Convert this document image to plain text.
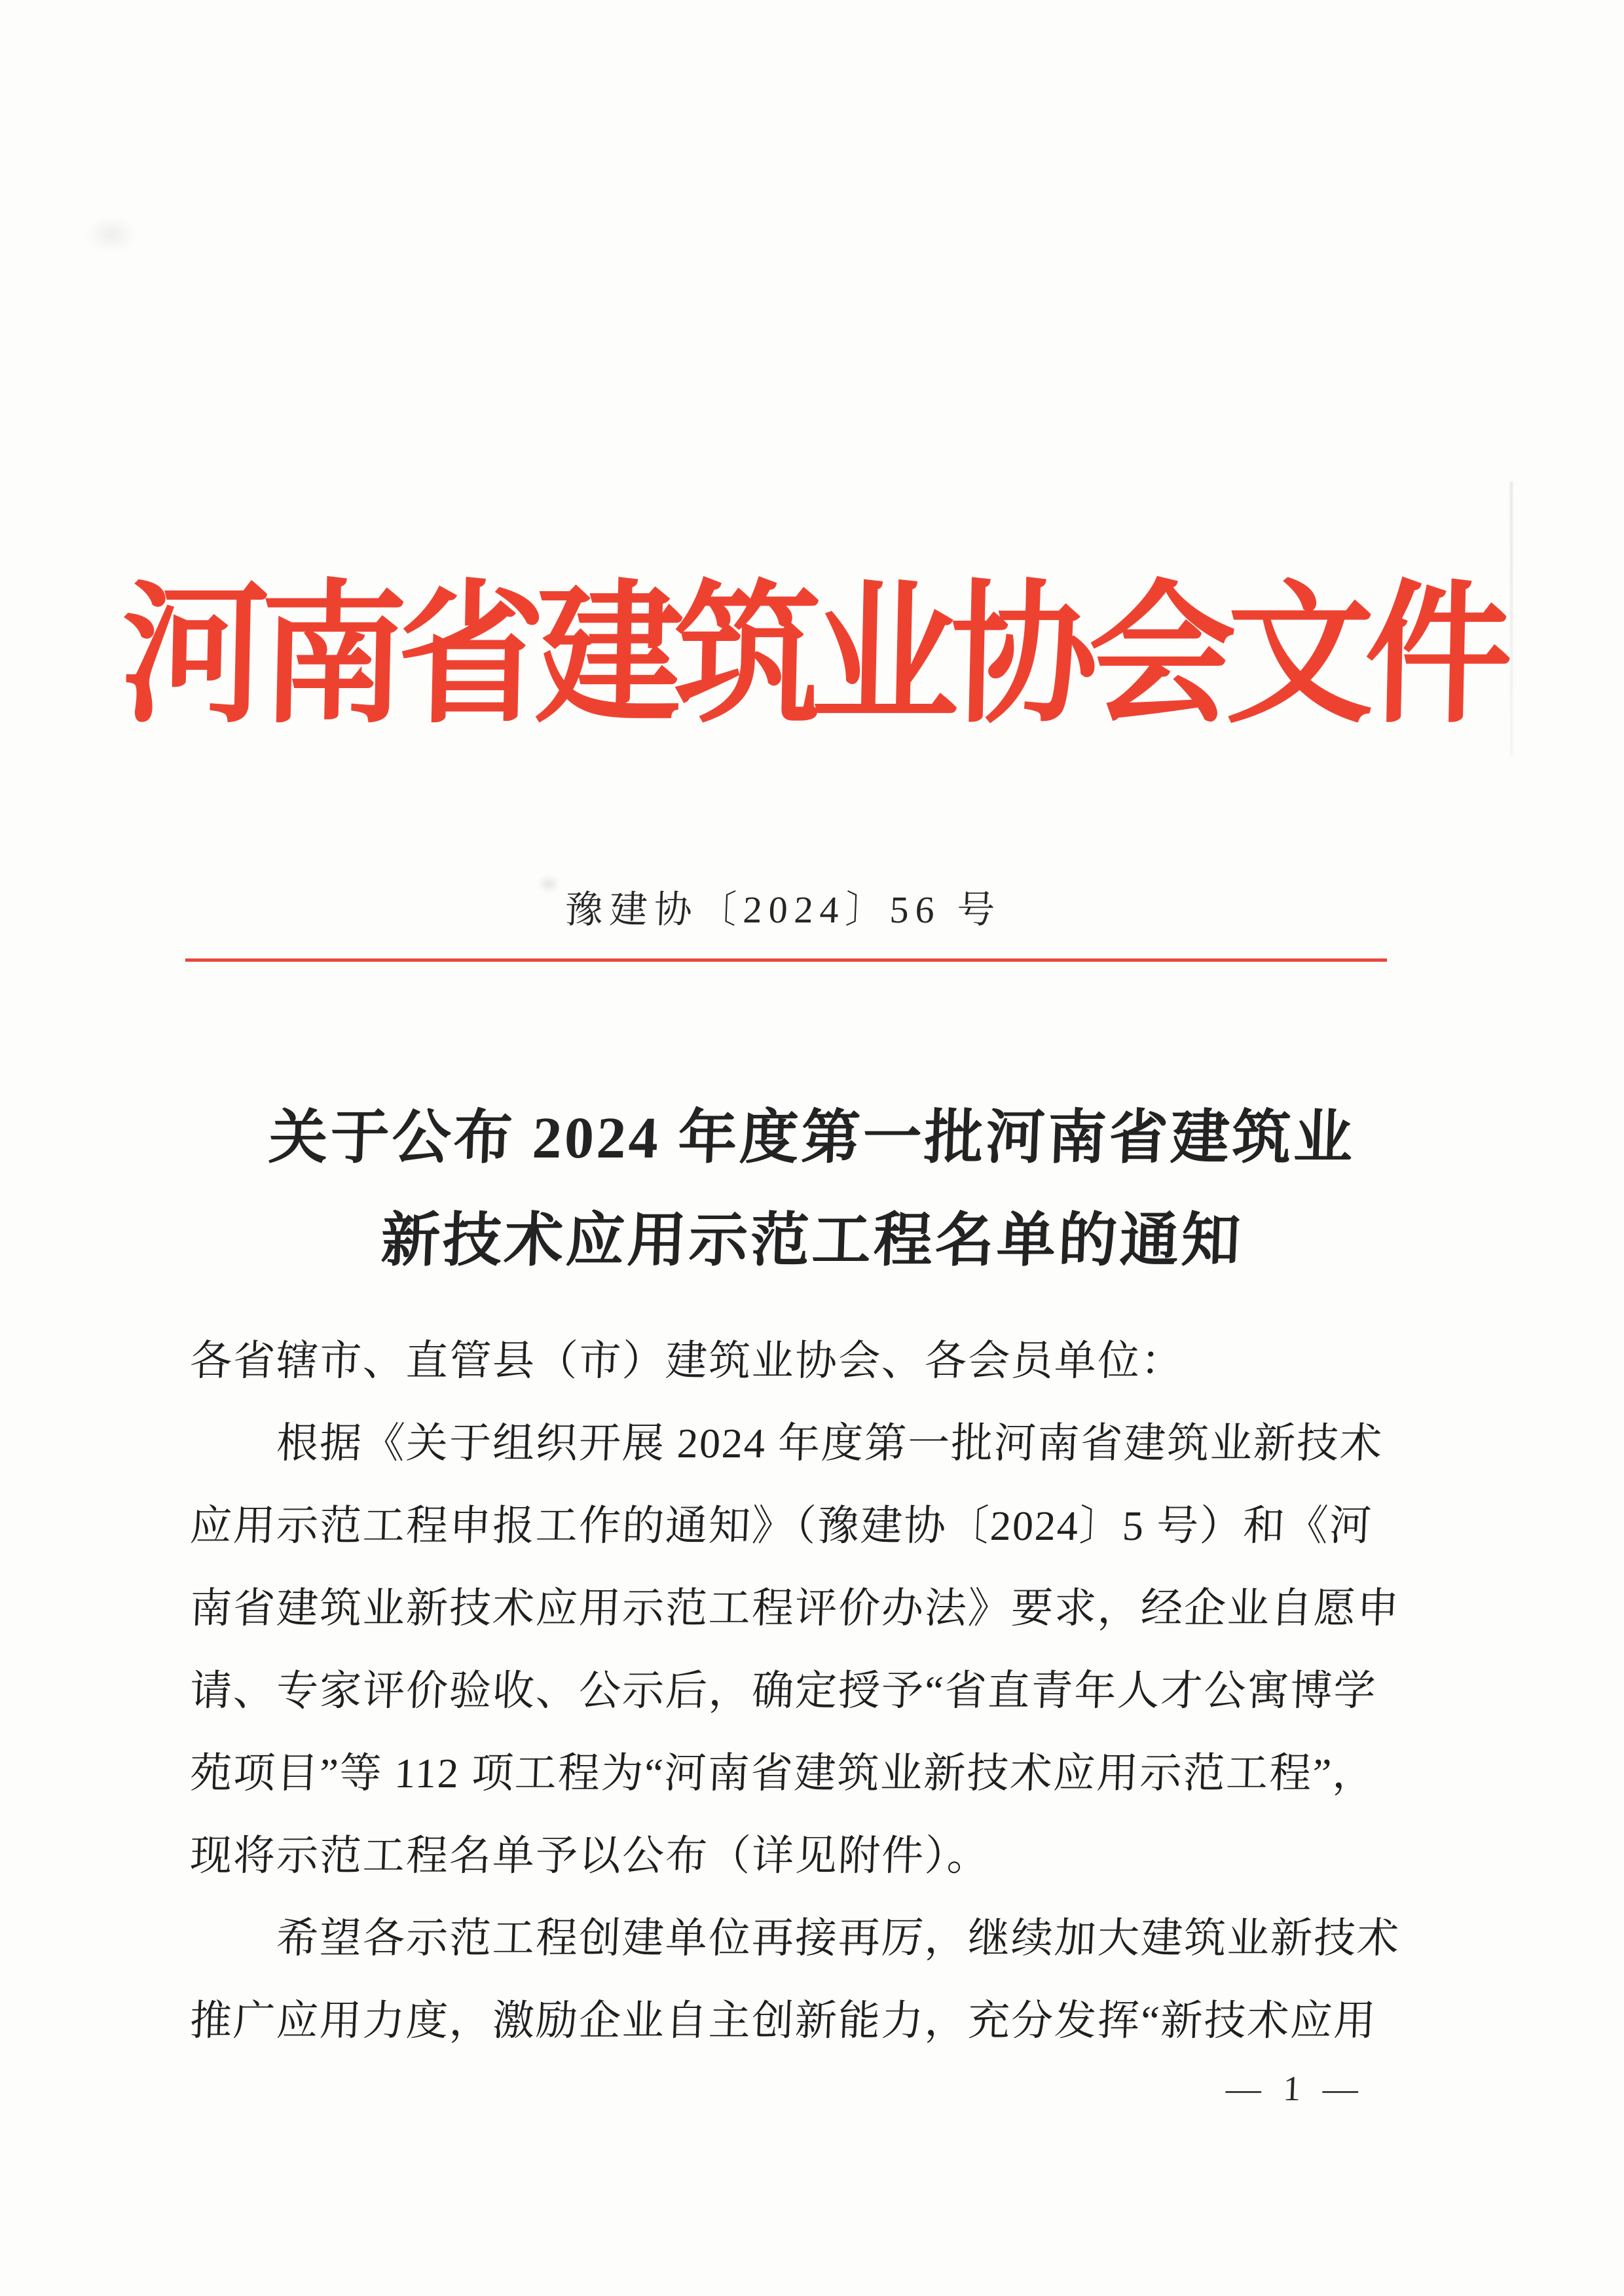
河南省建筑业协会文件
豫建协〔2024〕56 号
关于公布 2024 年度第一批河南省建筑业
新技术应用示范工程名单的通知
各省辖市、直管县（市）建筑业协会、各会员单位：
根据《关于组织开展 2024 年度第一批河南省建筑业新技术
应用示范工程申报工作的通知》（豫建协〔2024〕5 号）和《河
南省建筑业新技术应用示范工程评价办法》要求，经企业自愿申
请、专家评价验收、公示后，确定授予“省直青年人才公寓博学
苑项目”等 112 项工程为“河南省建筑业新技术应用示范工程”，
现将示范工程名单予以公布（详见附件）。
希望各示范工程创建单位再接再厉，继续加大建筑业新技术
推广应用力度，激励企业自主创新能力，充分发挥“新技术应用
— 1 —
